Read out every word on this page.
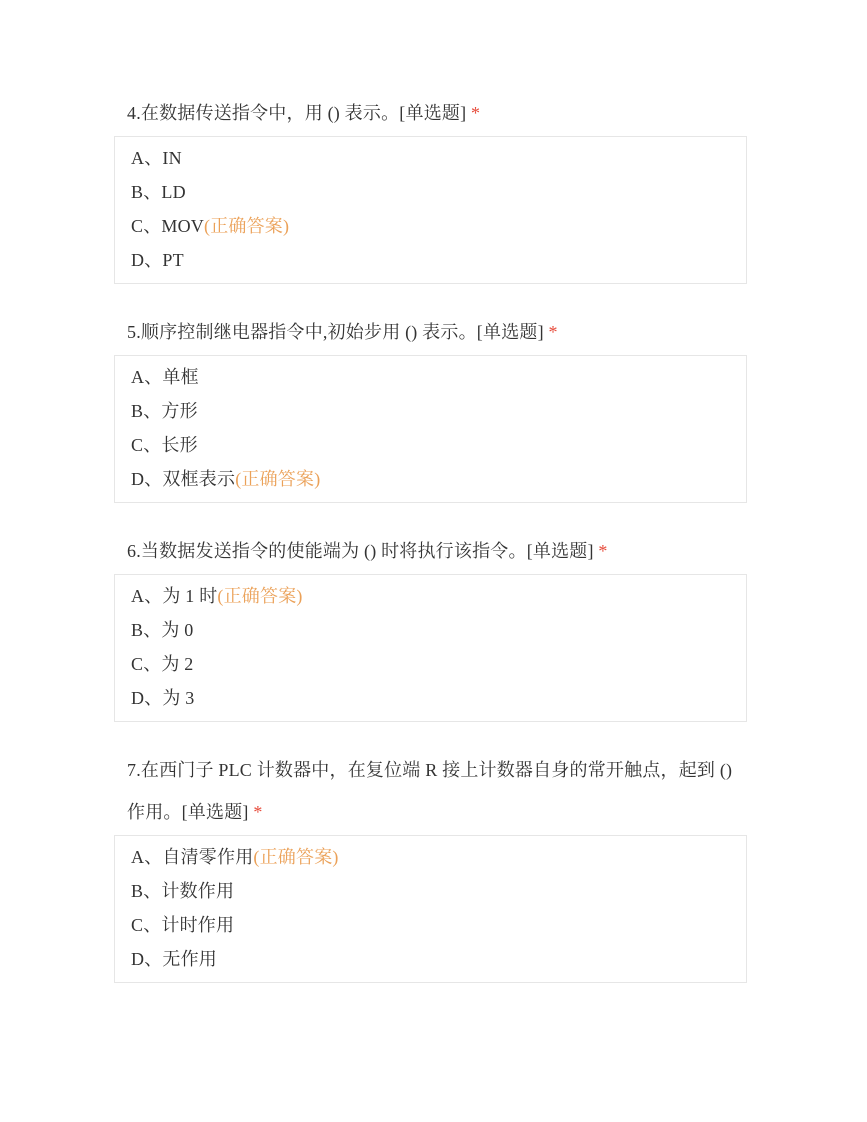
4.在数据传送指令中，用 () 表示。[单选题] *
A、IN
B、LD
C、MOV(正确答案)
D、PT
5.顺序控制继电器指令中,初始步用 () 表示。[单选题] *
A、单框
B、方形
C、长形
D、双框表示(正确答案)
6.当数据发送指令的使能端为 () 时将执行该指令。[单选题] *
A、为 1 时(正确答案)
B、为 0
C、为 2
D、为 3
7.在西门子 PLC 计数器中，在复位端 R 接上计数器自身的常开触点，起到 () 作用。[单选题] *
A、自清零作用(正确答案)
B、计数作用
C、计时作用
D、无作用
